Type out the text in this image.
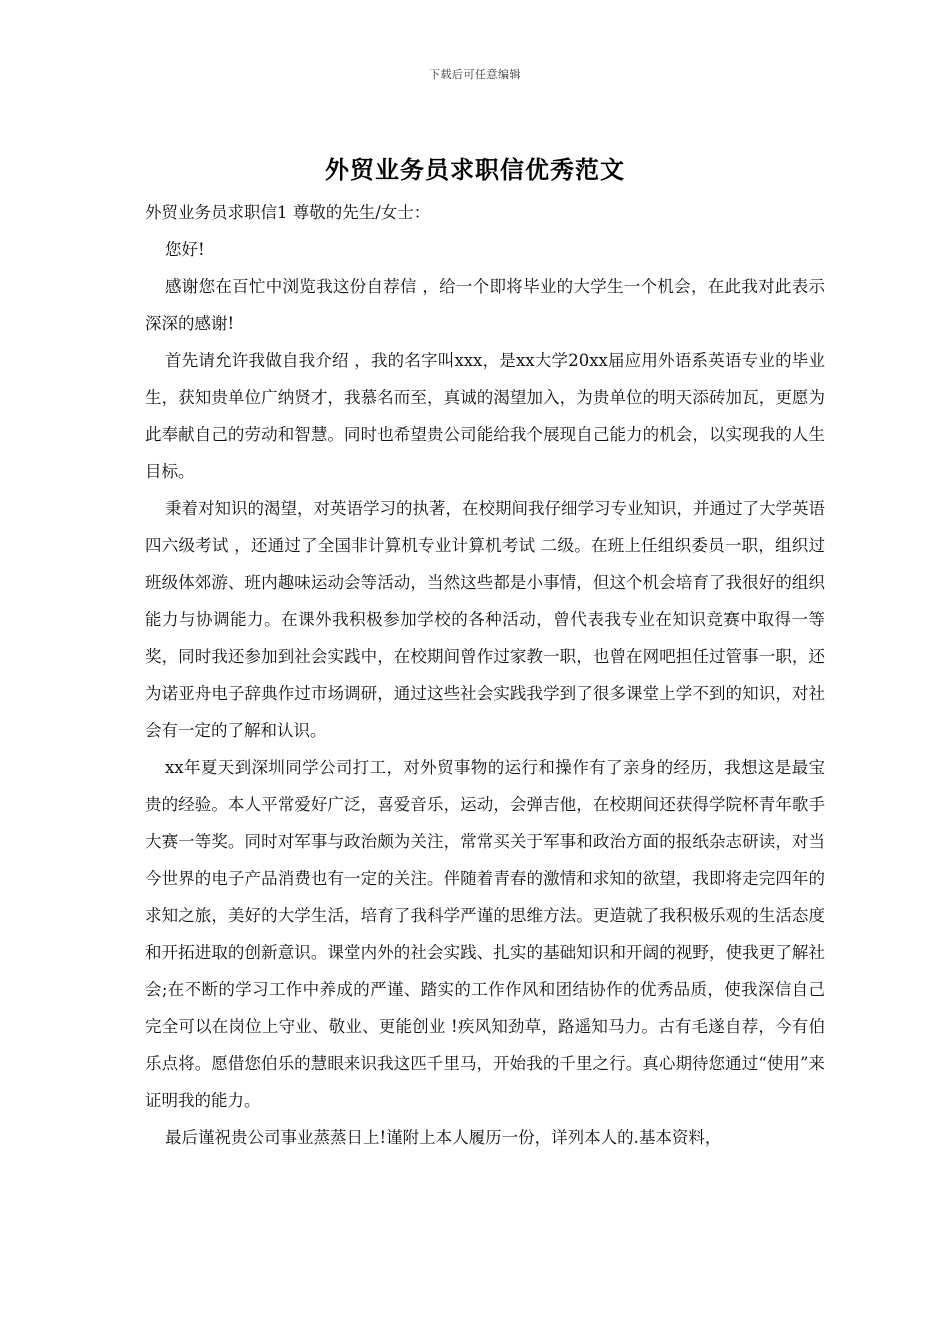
下载后可任意编辑
外贸业务员求职信优秀范文

外贸业务员求职信1 尊敬的先生/女士：

您好!

感谢您在百忙中浏览我这份自荐信 ，给一个即将毕业的大学生一个机会，在此我对此表示深深的感谢!

首先请允许我做自我介绍 ，我的名字叫xxx，是xx大学20xx届应用外语系英语专业的毕业生，获知贵单位广纳贤才，我慕名而至，真诚的渴望加入，为贵单位的明天添砖加瓦，更愿为此奉献自己的劳动和智慧。同时也希望贵公司能给我个展现自己能力的机会，以实现我的人生目标。

秉着对知识的渴望，对英语学习的执著，在校期间我仔细学习专业知识，并通过了大学英语四六级考试 ，还通过了全国非计算机专业计算机考试 二级。在班上任组织委员一职，组织过班级体郊游、班内趣味运动会等活动，当然这些都是小事情，但这个机会培育了我很好的组织能力与协调能力。在课外我积极参加学校的各种活动，曾代表我专业在知识竞赛中取得一等奖，同时我还参加到社会实践中，在校期间曾作过家教一职，也曾在网吧担任过管事一职，还为诺亚舟电子辞典作过市场调研，通过这些社会实践我学到了很多课堂上学不到的知识，对社会有一定的了解和认识。

xx年夏天到深圳同学公司打工，对外贸事物的运行和操作有了亲身的经历，我想这是最宝贵的经验。本人平常爱好广泛，喜爱音乐，运动，会弹吉他，在校期间还获得学院杯青年歌手大赛一等奖。同时对军事与政治颇为关注，常常买关于军事和政治方面的报纸杂志研读，对当今世界的电子产品消费也有一定的关注。伴随着青春的激情和求知的欲望，我即将走完四年的求知之旅，美好的大学生活，培育了我科学严谨的思维方法。更造就了我积极乐观的生活态度和开拓进取的创新意识。课堂内外的社会实践、扎实的基础知识和开阔的视野，使我更了解社会;在不断的学习工作中养成的严谨、踏实的工作作风和团结协作的优秀品质，使我深信自己完全可以在岗位上守业、敬业、更能创业 !疾风知劲草，路遥知马力。古有毛遂自荐，今有伯乐点将。愿借您伯乐的慧眼来识我这匹千里马，开始我的千里之行。真心期待您通过“使用”来证明我的能力。

最后谨祝贵公司事业蒸蒸日上!谨附上本人履历一份，详列本人的.基本资料，
